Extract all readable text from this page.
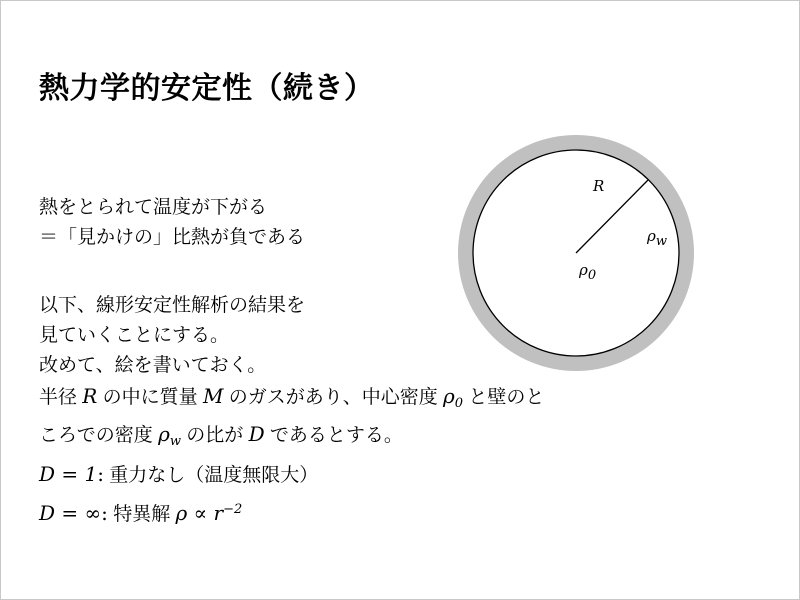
熱力学的安定性（続き）
熱をとられて温度が下がる
＝「見かけの」比熱が負である
以下、線形安定性解析の結果を
見ていくことにする。
改めて、絵を書いておく。
半径 R の中に質量 M のガスがあり、中心密度 $\rho_0$ と壁のと
ころでの密度 $\rho_w$ の比が D であるとする。
D = 1: 重力なし（温度無限大）
D = ∞: 特異解 $\rho \propto r^{-2}$
R
ρw
ρ0
